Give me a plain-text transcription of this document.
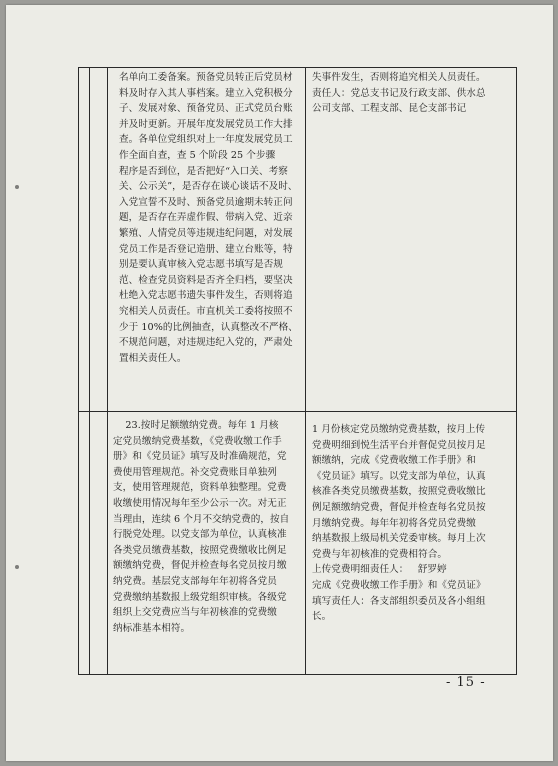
名单向工委备案。预备党员转正后党员材

料及时存入其人事档案。建立入党积极分

子、发展对象、预备党员、正式党员台账

并及时更新。开展年度发展党员工作大排

查。各单位党组织对上一年度发展党员工

作全面自查，查 5 个阶段 25 个步骤

程序是否到位，是否把好“入口关、考察

关、公示关”，是否存在谈心谈话不及时、

入党宣誓不及时、预备党员逾期未转正问

题，是否存在弄虚作假、带病入党、近亲

繁殖、人情党员等违规违纪问题，对发展

党员工作是否登记造册、建立台账等，特

别是要认真审核入党志愿书填写是否规

范、检查党员资料是否齐全归档，要坚决

杜绝入党志愿书遗失事件发生，否则将追

究相关人员责任。市直机关工委将按照不

少于 10%的比例抽查，认真整改不严格、

不规范问题，对违规违纪入党的，严肃处

置相关责任人。

失事件发生，否则将追究相关人员责任。

责任人：党总支书记及行政支部、供水总

公司支部、工程支部、昆仑支部书记

23.按时足额缴纳党费。每年 1 月核

定党员缴纳党费基数，《党费收缴工作手

册》和《党员证》填写及时准确规范，党

费使用管理规范。补交党费账目单独列

支，使用管理规范，资料单独整理。党费

收缴使用情况每年至少公示一次。对无正

当理由，连续 6 个月不交纳党费的，按自

行脱党处理。以党支部为单位，认真核准

各类党员缴费基数，按照党费缴收比例足

额缴纳党费，督促并检查每名党员按月缴

纳党费。基层党支部每年年初将各党员

党费缴纳基数报上级党组织审核。各级党

组织上交党费应当与年初核准的党费缴

纳标准基本相符。

1 月份核定党员缴纳党费基数，按月上传

党费明细到悦生活平台并督促党员按月足

额缴纳，完成《党费收缴工作手册》和

《党员证》填写。以党支部为单位，认真

核准各类党员缴费基数，按照党费收缴比

例足额缴纳党费，督促并检查每名党员按

月缴纳党费。每年年初将各党员党费缴

纳基数报上级局机关党委审核。每月上次

党费与年初核准的党费相符合。

上传党费明细责任人：   舒罗婷

完成《党费收缴工作手册》和《党员证》

填写责任人：各支部组织委员及各小组组

长。

- 15 -
